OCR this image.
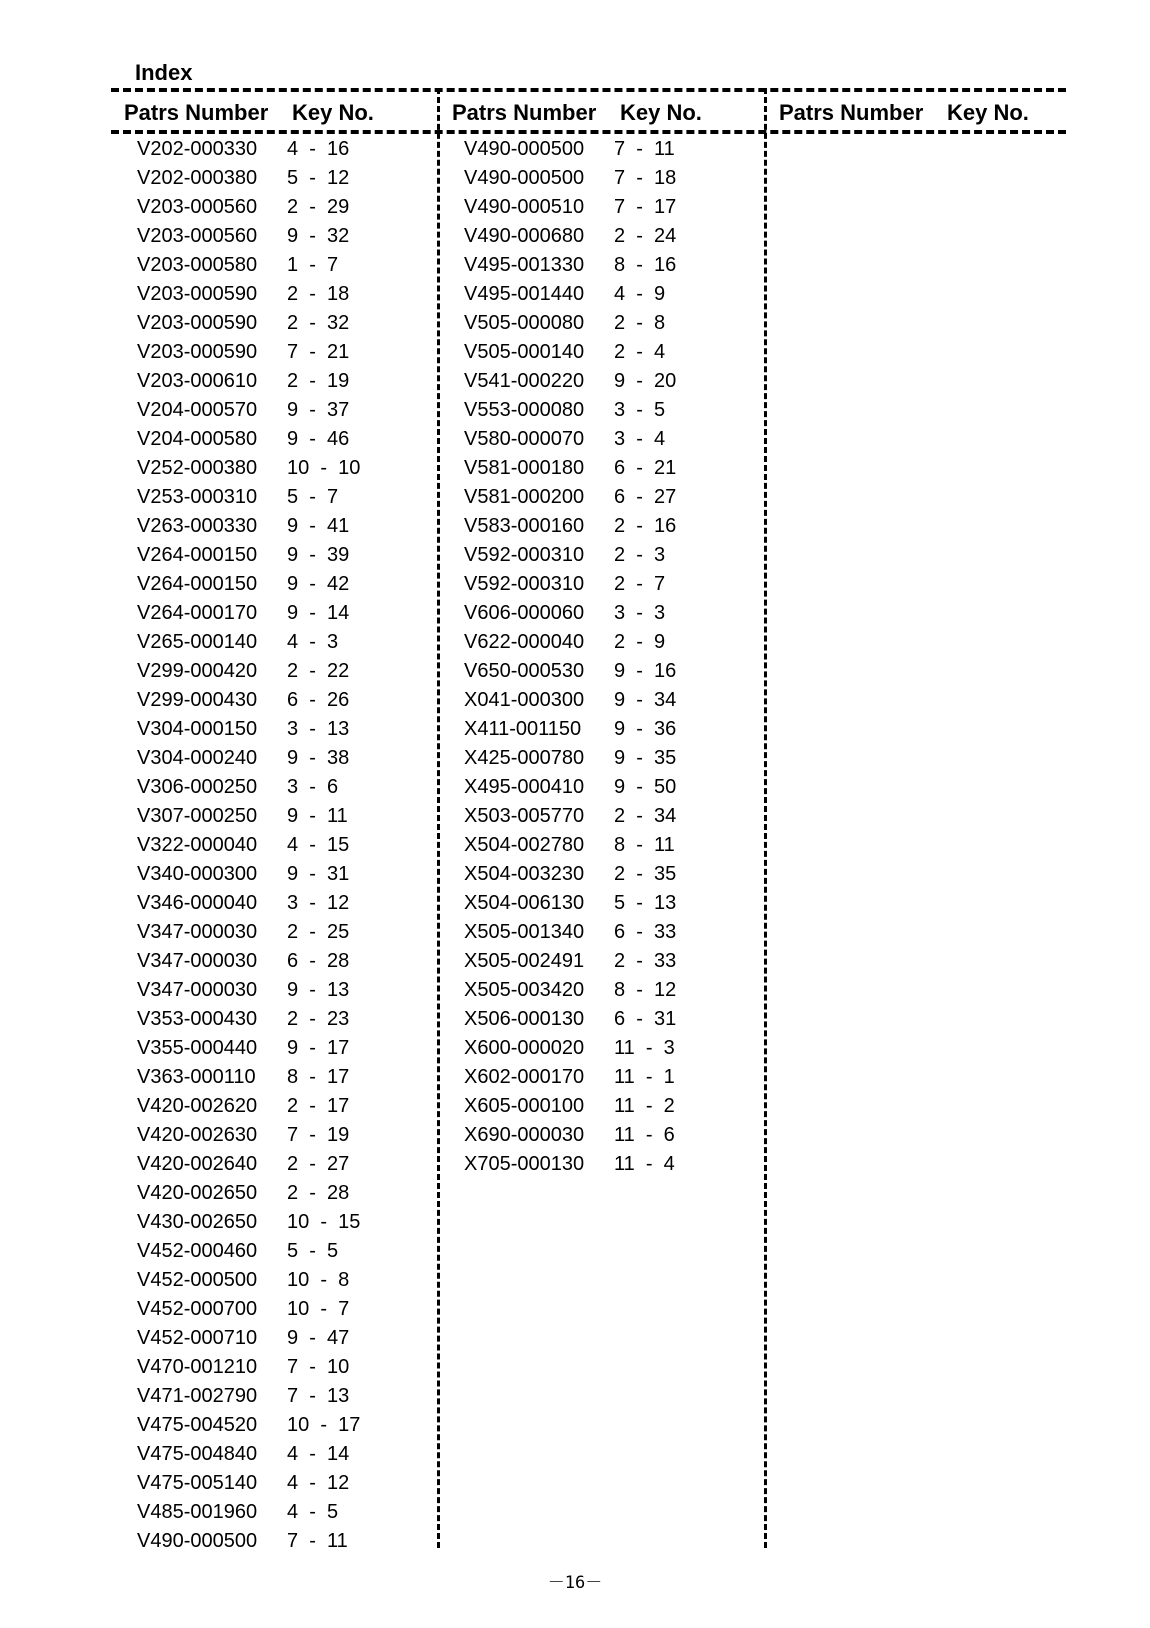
Index
Patrs Number Key No.	Patrs Number Key No.	Patrs Number Key No.
V202-000330 4  -  16
V202-000380 5  -  12
V203-000560 2  -  29
V203-000560 9  -  32
V203-000580 1  -  7
V203-000590 2  -  18
V203-000590 2  -  32
V203-000590 7  -  21
V203-000610 2  -  19
V204-000570 9  -  37
V204-000580 9  -  46
V252-000380 10  -  10
V253-000310 5  -  7
V263-000330 9  -  41
V264-000150 9  -  39
V264-000150 9  -  42
V264-000170 9  -  14
V265-000140 4  -  3
V299-000420 2  -  22
V299-000430 6  -  26
V304-000150 3  -  13
V304-000240 9  -  38
V306-000250 3  -  6
V307-000250 9  -  11
V322-000040 4  -  15
V340-000300 9  -  31
V346-000040 3  -  12
V347-000030 2  -  25
V347-000030 6  -  28
V347-000030 9  -  13
V353-000430 2  -  23
V355-000440 9  -  17
V363-000110 8  -  17
V420-002620 2  -  17
V420-002630 7  -  19
V420-002640 2  -  27
V420-002650 2  -  28
V430-002650 10  -  15
V452-000460 5  -  5
V452-000500 10  -  8
V452-000700 10  -  7
V452-000710 9  -  47
V470-001210 7  -  10
V471-002790 7  -  13
V475-004520 10  -  17
V475-004840 4  -  14
V475-005140 4  -  12
V485-001960 4  -  5
V490-000500 7  -  11
V490-000500 7  -  11
V490-000500 7  -  18
V490-000510 7  -  17
V490-000680 2  -  24
V495-001330 8  -  16
V495-001440 4  -  9
V505-000080 2  -  8
V505-000140 2  -  4
V541-000220 9  -  20
V553-000080 3  -  5
V580-000070 3  -  4
V581-000180 6  -  21
V581-000200 6  -  27
V583-000160 2  -  16
V592-000310 2  -  3
V592-000310 2  -  7
V606-000060 3  -  3
V622-000040 2  -  9
V650-000530 9  -  16
X041-000300 9  -  34
X411-001150 9  -  36
X425-000780 9  -  35
X495-000410 9  -  50
X503-005770 2  -  34
X504-002780 8  -  11
X504-003230 2  -  35
X504-006130 5  -  13
X505-001340 6  -  33
X505-002491 2  -  33
X505-003420 8  -  12
X506-000130 6  -  31
X600-000020 11  -  3
X602-000170 11  -  1
X605-000100 11  -  2
X690-000030 11  -  6
X705-000130 11  -  4
－16－
